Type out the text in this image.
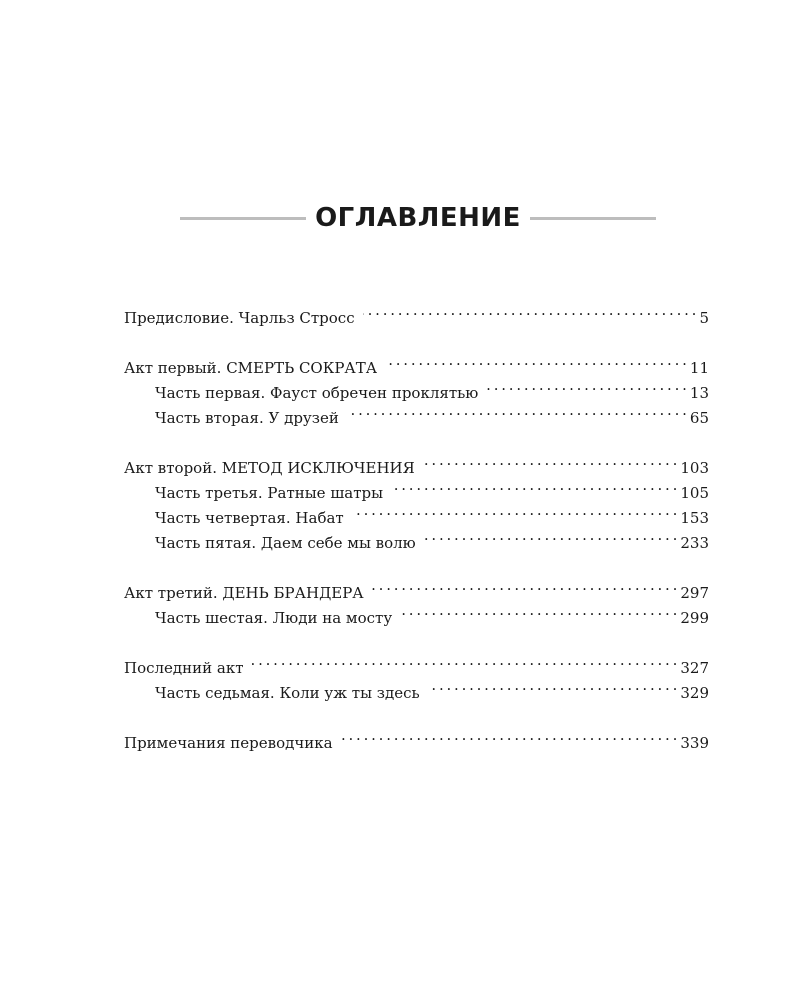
ОГЛАВЛЕНИЕ
Предисловие. Чарльз Стросс . . .	5
Акт первый. СМЕРТЬ СОКРАТА . . .	11
Часть первая. Фауст обречен проклятью . . .	13
Часть вторая. У друзей . . .	65
Акт второй. МЕТОД ИСКЛЮЧЕНИЯ . . .	103
Часть третья. Ратные шатры . . .	105
Часть четвертая. Набат . . .	153
Часть пятая. Даем себе мы волю . . .	233
Акт третий. ДЕНЬ БРАНДЕРА . . .	297
Часть шестая. Люди на мосту . . .	299
Последний акт . . .	327
Часть седьмая. Коли уж ты здесь . . .	329
Примечания переводчика . . .	339
